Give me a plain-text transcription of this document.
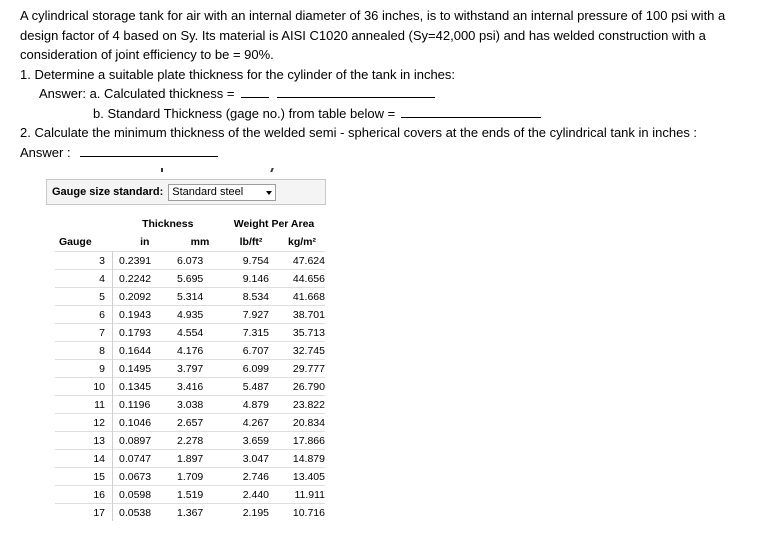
A cylindrical storage tank for air with an internal diameter of 36 inches, is to withstand an internal pressure of 100 psi with a design factor of 4 based on Sy. Its material is AISI C1020 annealed (Sy=42,000 psi) and has welded construction with a consideration of joint efficiency to be = 90%.

1. Determine a suitable plate thickness for the cylinder of the tank in inches:

Answer: a. Calculated thickness =

b. Standard Thickness (gage no.) from table below =

2. Calculate the minimum thickness of the welded semi - spherical covers at the ends of the cylindrical tank in inches :

Answer :

Gauge size standard: Standard steel
	Thickness		Weight Per Area	
Gauge	in	mm	lb/ft²	kg/m²
3	0.2391	6.073	9.754	47.624
4	0.2242	5.695	9.146	44.656
5	0.2092	5.314	8.534	41.668
6	0.1943	4.935	7.927	38.701
7	0.1793	4.554	7.315	35.713
8	0.1644	4.176	6.707	32.745
9	0.1495	3.797	6.099	29.777
10	0.1345	3.416	5.487	26.790
11	0.1196	3.038	4.879	23.822
12	0.1046	2.657	4.267	20.834
13	0.0897	2.278	3.659	17.866
14	0.0747	1.897	3.047	14.879
15	0.0673	1.709	2.746	13.405
16	0.0598	1.519	2.440	11.911
17	0.0538	1.367	2.195	10.716
